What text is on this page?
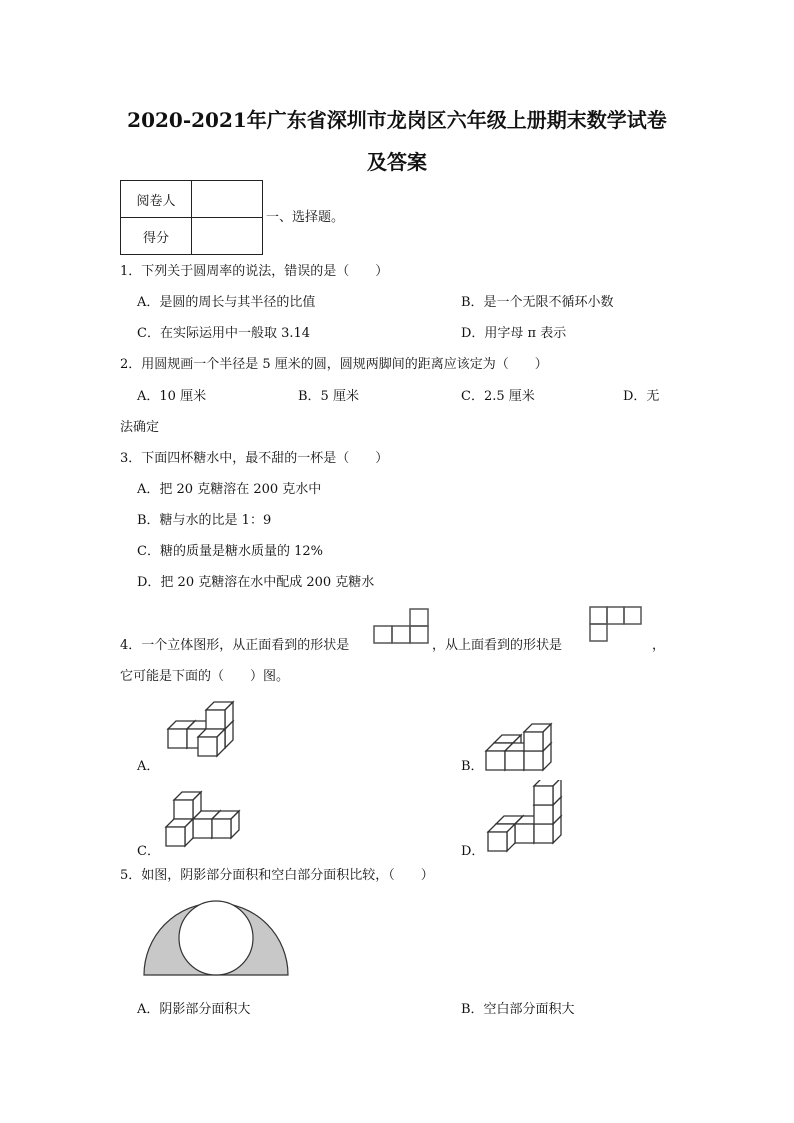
2020-2021年广东省深圳市龙岗区六年级上册期末数学试卷
及答案
阅卷人	
得分	
一、选择题。
1．下列关于圆周率的说法，错误的是（　　）
A．是圆的周长与其半径的比值	B．是一个无限不循环小数
C．在实际运用中一般取 3.14	D．用字母 π 表示
2．用圆规画一个半径是 5 厘米的圆，圆规两脚间的距离应该定为（　　）
A．10 厘米	B．5 厘米	C．2.5 厘米	D．无
法确定
3．下面四杯糖水中，最不甜的一杯是（　　）
A．把 20 克糖溶在 200 克水中
B．糖与水的比是 1：9
C．糖的质量是糖水质量的 12%
D．把 20 克糖溶在水中配成 200 克糖水
4．一个立体图形，从正面看到的形状是	，从上面看到的形状是	，
它可能是下面的（　　）图。
A．	B．
C．	D．
5．如图，阴影部分面积和空白部分面积比较，（　　）
A．阴影部分面积大	B．空白部分面积大
